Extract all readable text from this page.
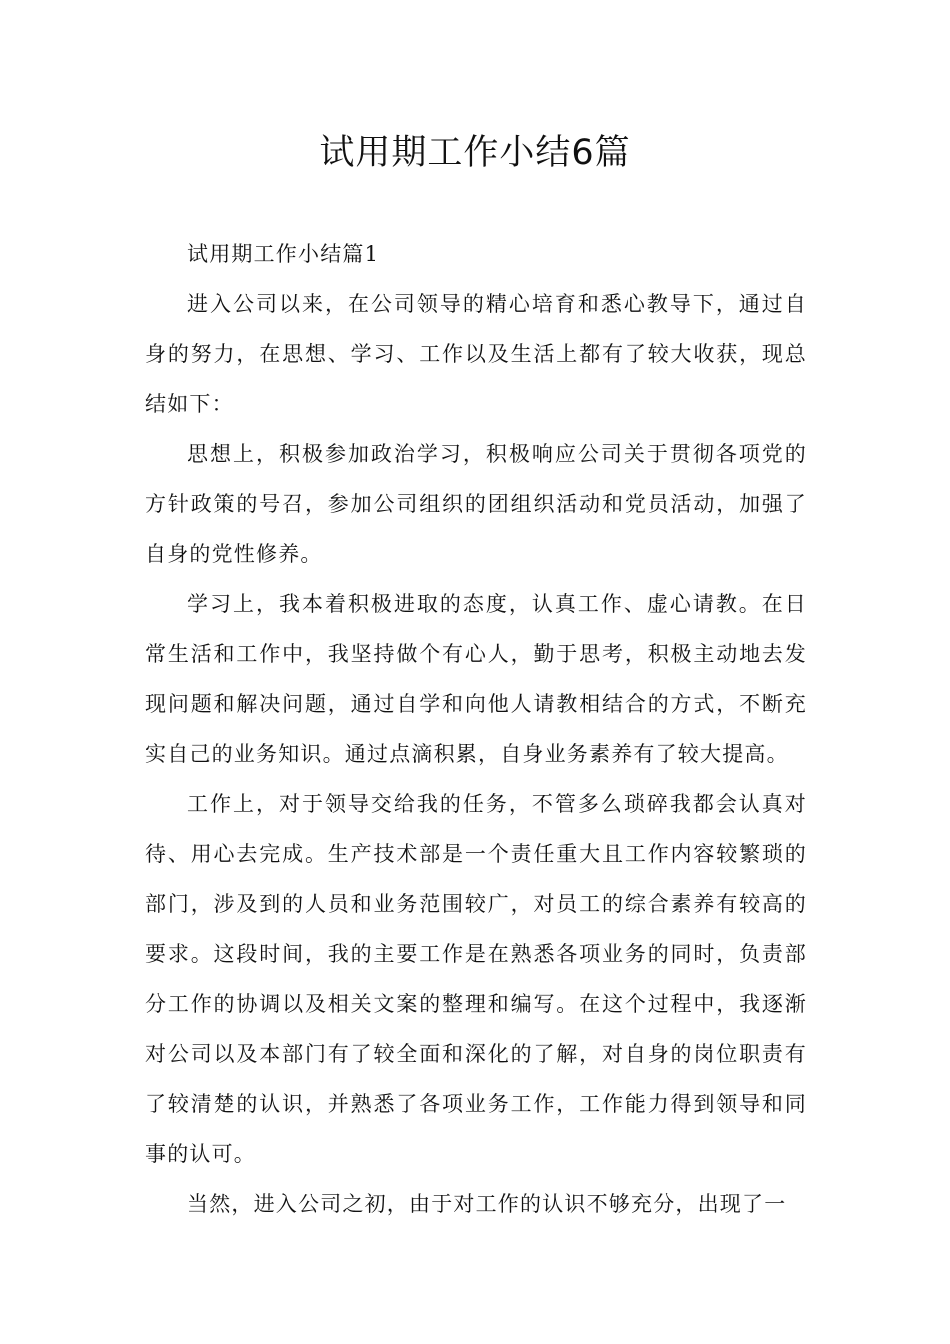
试用期工作小结6篇

试用期工作小结篇1

进入公司以来，在公司领导的精心培育和悉心教导下，通过自身的努力，在思想、学习、工作以及生活上都有了较大收获，现总结如下：

思想上，积极参加政治学习，积极响应公司关于贯彻各项党的方针政策的号召，参加公司组织的团组织活动和党员活动，加强了自身的党性修养。

学习上，我本着积极进取的态度，认真工作、虚心请教。在日常生活和工作中，我坚持做个有心人，勤于思考，积极主动地去发现问题和解决问题，通过自学和向他人请教相结合的方式，不断充实自己的业务知识。通过点滴积累，自身业务素养有了较大提高。

工作上，对于领导交给我的任务，不管多么琐碎我都会认真对待、用心去完成。生产技术部是一个责任重大且工作内容较繁琐的部门，涉及到的人员和业务范围较广，对员工的综合素养有较高的要求。这段时间，我的主要工作是在熟悉各项业务的同时，负责部分工作的协调以及相关文案的整理和编写。在这个过程中，我逐渐对公司以及本部门有了较全面和深化的了解，对自身的岗位职责有了较清楚的认识，并熟悉了各项业务工作，工作能力得到领导和同事的认可。

当然，进入公司之初，由于对工作的认识不够充分，出现了一
